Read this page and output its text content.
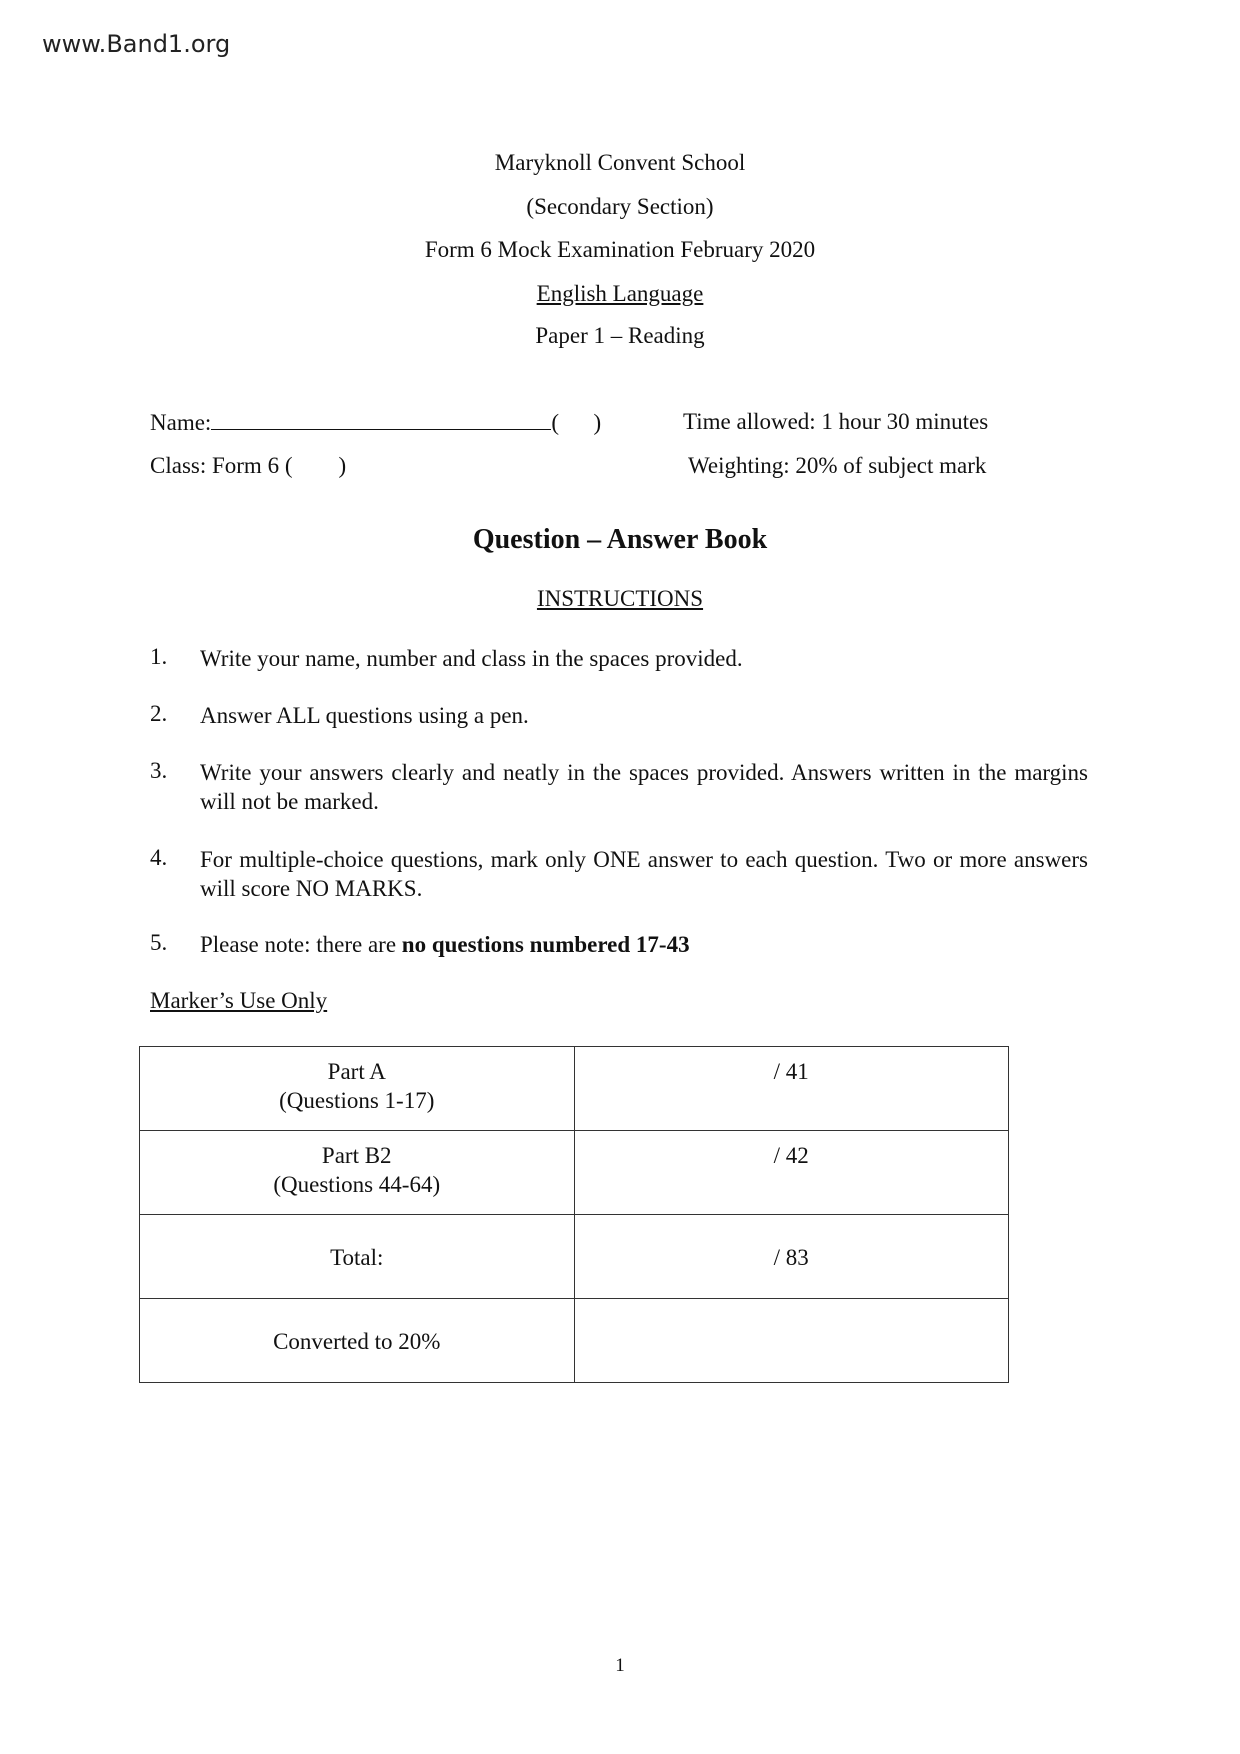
www.Band1.org
Maryknoll Convent School
(Secondary Section)
Form 6 Mock Examination February 2020
English Language
Paper 1 – Reading
Name:	(      )	Time allowed: 1 hour 30 minutes
Class: Form 6 (        )	Weighting: 20% of subject mark
Question – Answer Book
INSTRUCTIONS
1. Write your name, number and class in the spaces provided.
2. Answer ALL questions using a pen.
3. Write your answers clearly and neatly in the spaces provided. Answers written in the margins will not be marked.
4. For multiple-choice questions, mark only ONE answer to each question. Two or more answers will score NO MARKS.
5. Please note: there are no questions numbered 17-43
Marker’s Use Only
Part A
(Questions 1-17)	/ 41

Part B2
(Questions 44-64)	/ 42

Total:	/ 83

Converted to 20%	

1
